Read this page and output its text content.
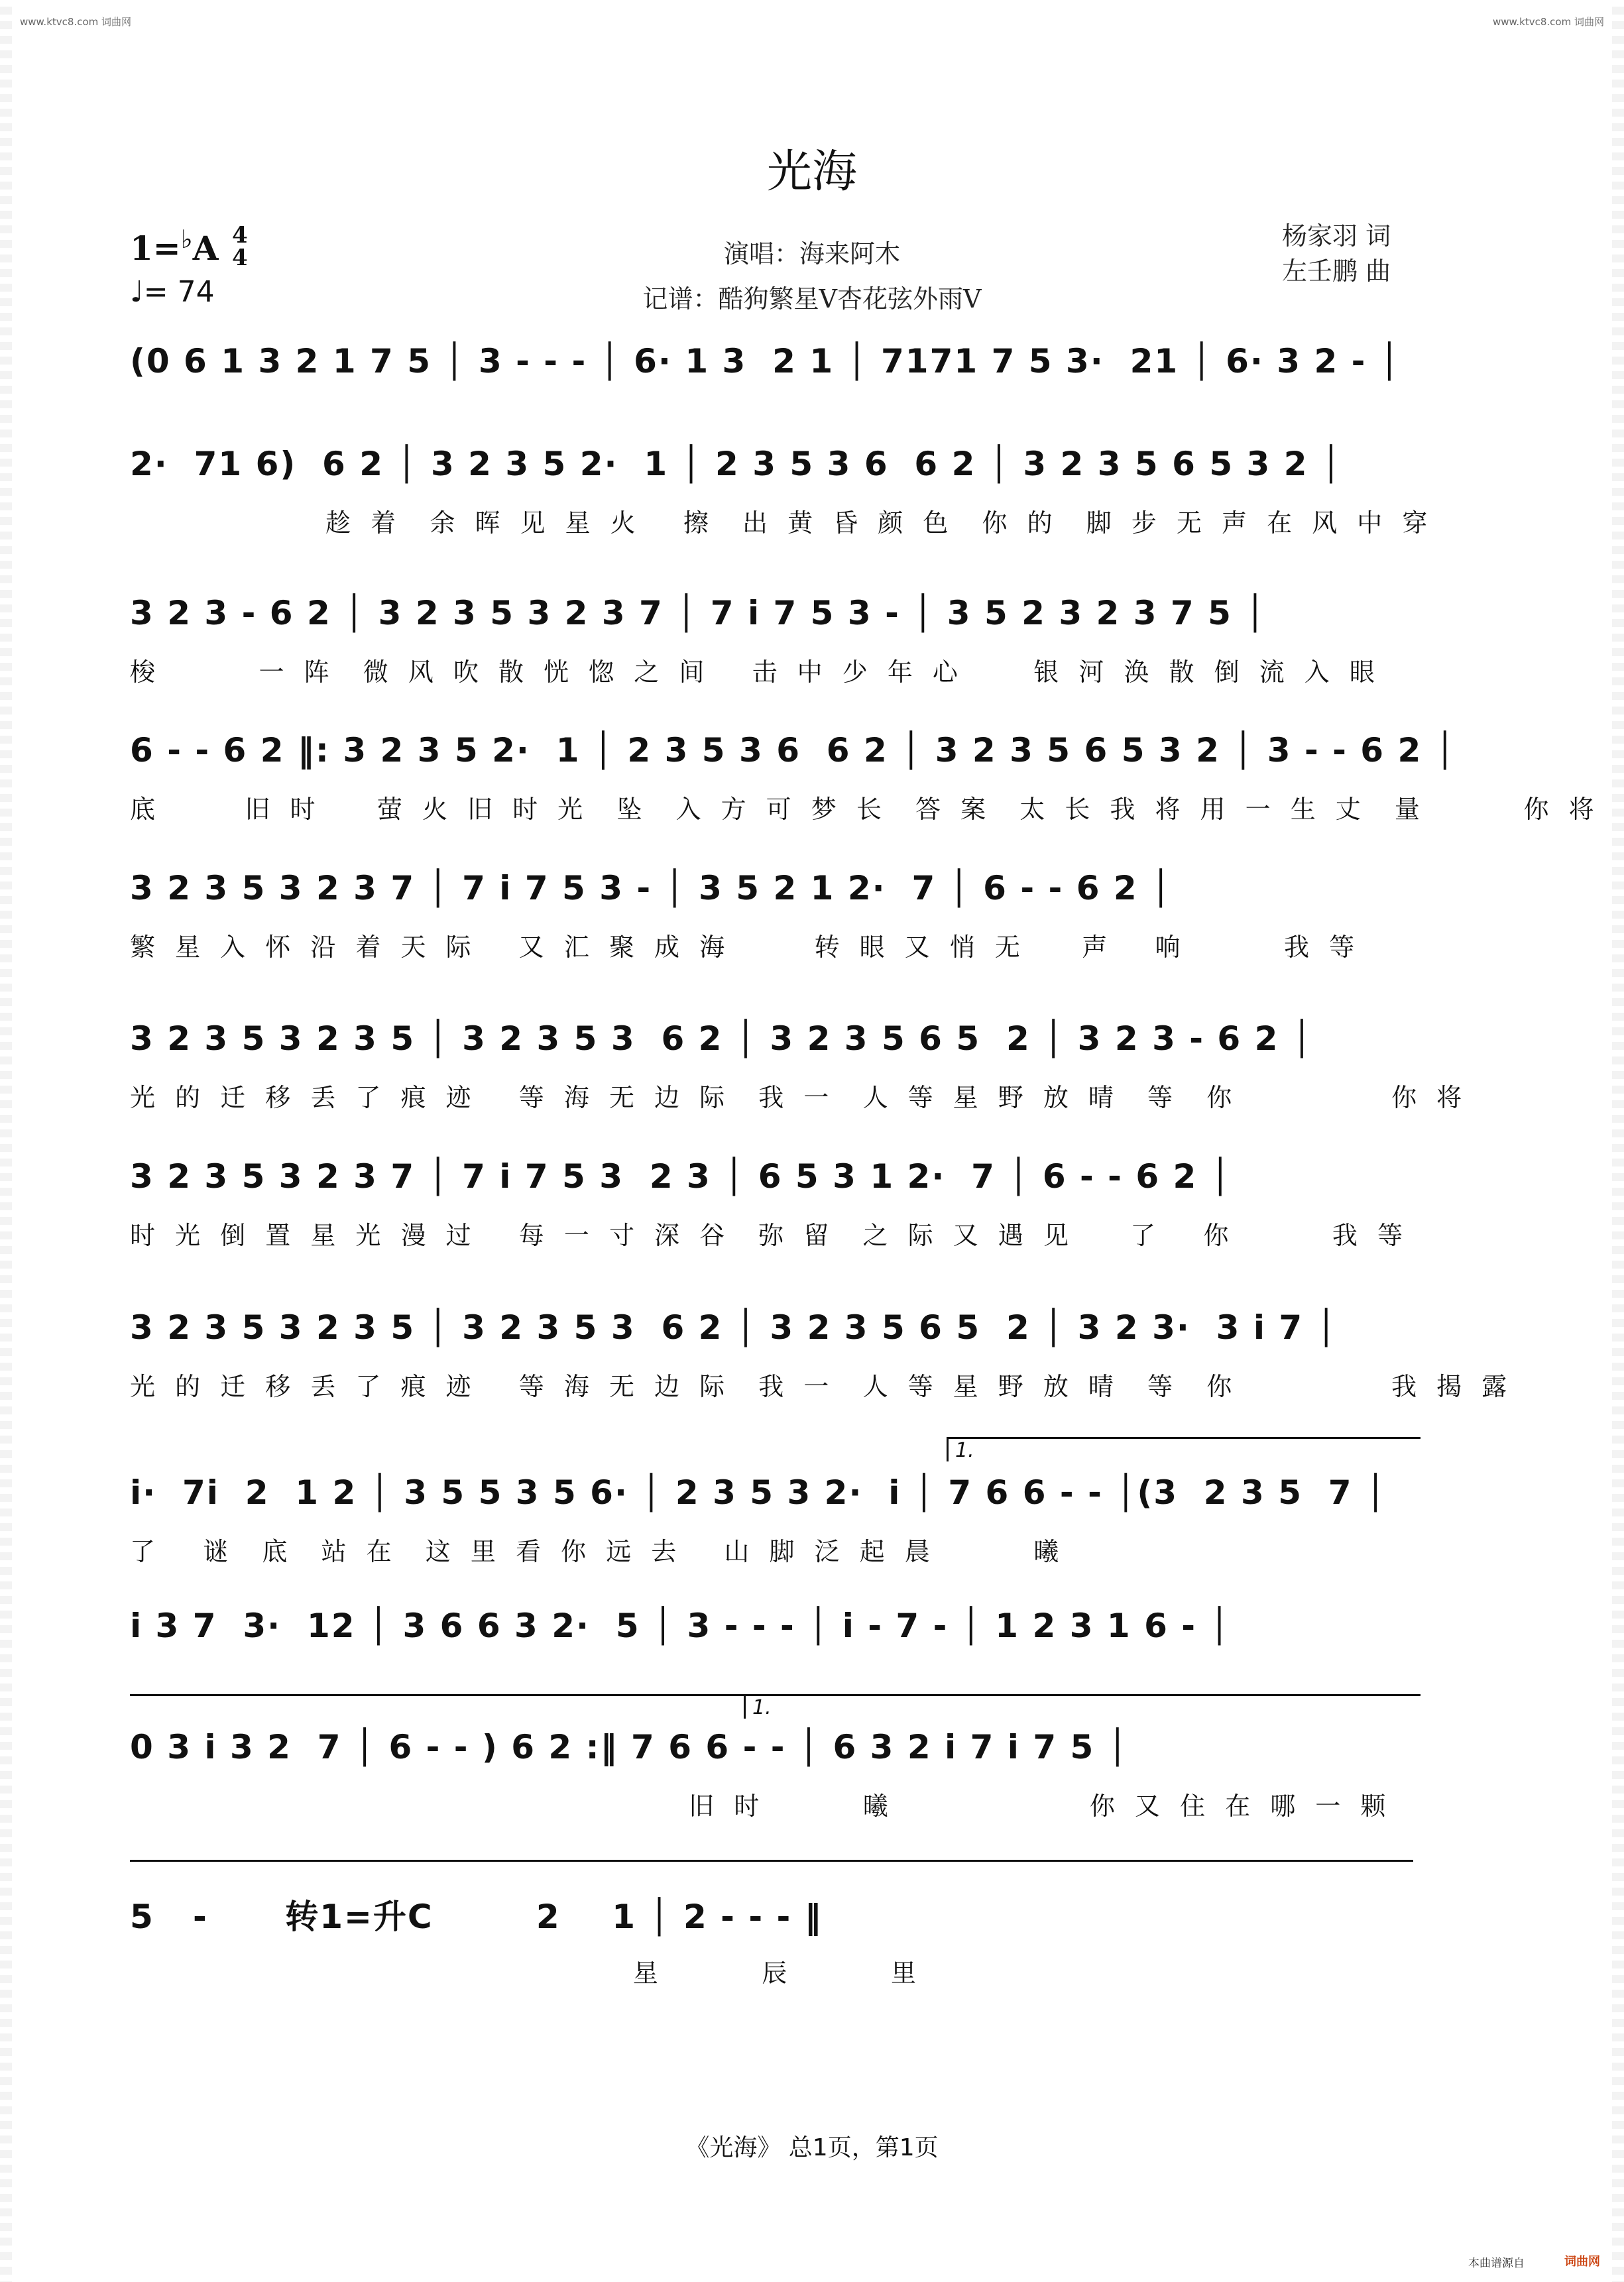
www.ktvc8.com 词曲网	www.ktvc8.com 词曲网
光海
1=♭A 4
4
♩= 74
演唱：海来阿木
记谱：酷狗繁星V杏花弦外雨V
杨家羽 词
左壬鹏 曲
(0 6 1 3 2 1 7 5 │ 3 - - - │ 6· 1 3  2 1 │ 7171 7 5 3·  21 │ 6· 3 2 - │
2·  71 6)  6 2 │ 3 2 3 5 2·  1 │ 2 3 5 3 6  6 2 │ 3 2 3 5 6 5 3 2 │
趁 着  余 晖 见 星 火   擦  出 黄 昏 颜 色  你 的  脚 步 无 声 在 风 中 穿
3 2 3 - 6 2 │ 3 2 3 5 3 2 3 7 │ 7 i 7 5 3 - │ 3 5 2 3 2 3 7 5 │
梭       一 阵  微 风 吹 散 恍 惚 之 间   击 中 少 年 心     银 河 涣 散 倒 流 入 眼
6 - - 6 2 ‖: 3 2 3 5 2·  1 │ 2 3 5 3 6  6 2 │ 3 2 3 5 6 5 3 2 │ 3 - - 6 2 │
底      旧 时    萤 火 旧 时 光  坠  入 方 可 梦 长  答 案  太 长 我 将 用 一 生 丈  量       你 将
3 2 3 5 3 2 3 7 │ 7 i 7 5 3 - │ 3 5 2 1 2·  7 │ 6 - - 6 2 │
繁 星 入 怀 沿 着 天 际   又 汇 聚 成 海      转 眼 又 悄 无    声   响       我 等
3 2 3 5 3 2 3 5 │ 3 2 3 5 3  6 2 │ 3 2 3 5 6 5  2 │ 3 2 3 - 6 2 │
光 的 迁 移 丢 了 痕 迹   等 海 无 边 际  我 一  人 等 星 野 放 晴  等  你           你 将
3 2 3 5 3 2 3 7 │ 7 i 7 5 3  2 3 │ 6 5 3 1 2·  7 │ 6 - - 6 2 │
时 光 倒 置 星 光 漫 过   每 一 寸 深 谷  弥 留  之 际 又 遇 见    了   你       我 等
3 2 3 5 3 2 3 5 │ 3 2 3 5 3  6 2 │ 3 2 3 5 6 5  2 │ 3 2 3·  3 i 7 │
光 的 迁 移 丢 了 痕 迹   等 海 无 边 际  我 一  人 等 星 野 放 晴  等  你           我 揭 露
1.
i·  7i  2  1 2 │ 3 5 5 3 5 6· │ 2 3 5 3 2·  i │ 7 6 6 - - │(3  2 3 5  7 │
了   谜  底  站 在  这 里 看 你 远 去   山 脚 泛 起 晨       曦
i 3 7  3·  12 │ 3 6 6 3 2·  5 │ 3 - - - │ i - 7 - │ 1 2 3 1 6 - │
1.
0 3 i 3 2  7 │ 6 - - ) 6 2 :‖ 7 6 6 - - │ 6 3 2 i 7 i 7 5 │
旧 时       曦              你 又 住 在 哪 一 颗
5   -      转1=升C        2    1 │ 2 - - - ‖
星       辰       里
《光海》 总1页，第1页
本曲谱源自	词曲网
